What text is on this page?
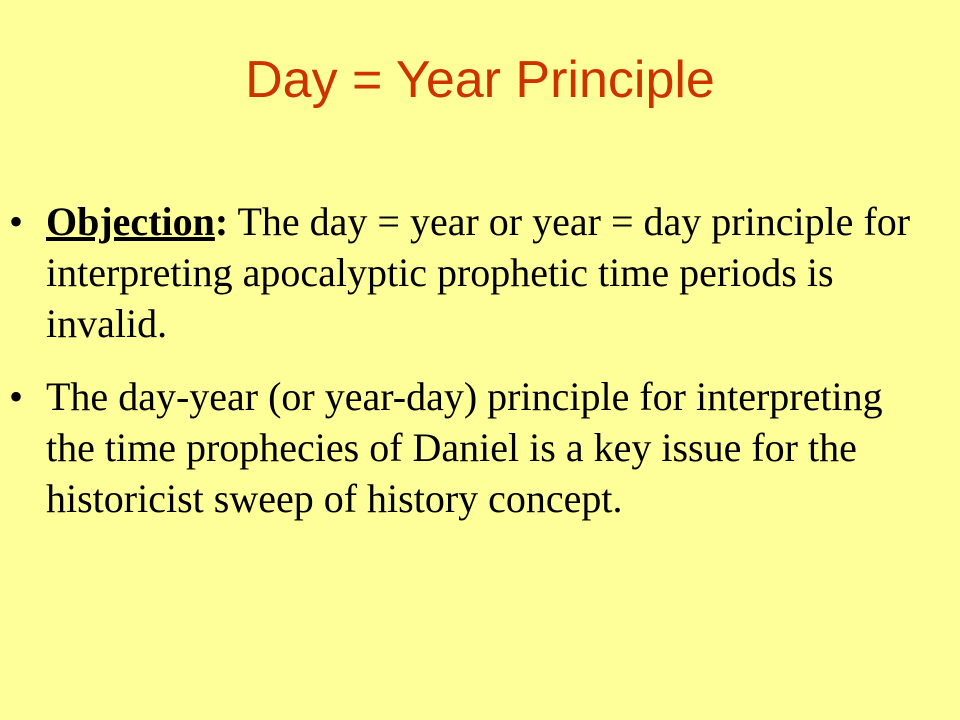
Day = Year Principle
• Objection: The day = year or year = day principle for interpreting apocalyptic prophetic time periods is invalid.
• The day-year (or year-day) principle for interpreting the time prophecies of Daniel is a key issue for the historicist sweep of history concept.
